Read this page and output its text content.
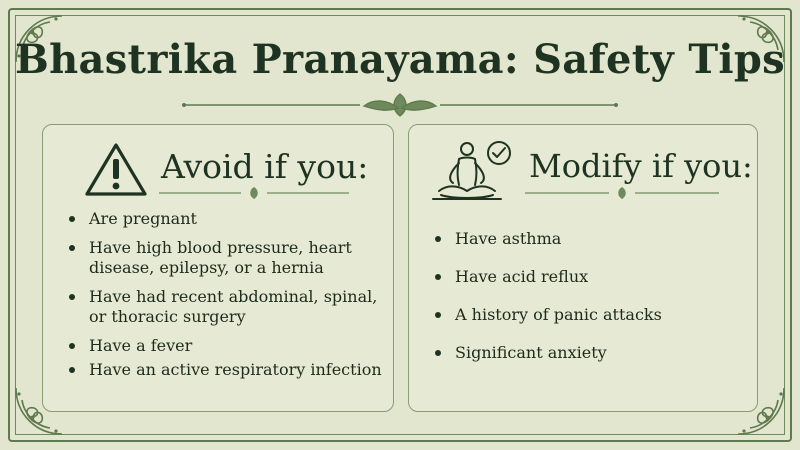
Bhastrika Pranayama: Safety Tips
Avoid if you:
Are pregnant
Have high blood pressure, heart disease, epilepsy, or a hernia
Have had recent abdominal, spinal, or thoracic surgery
Have a fever
Have an active respiratory infection
Modify if you:
Have asthma
Have acid reflux
A history of panic attacks
Significant anxiety
